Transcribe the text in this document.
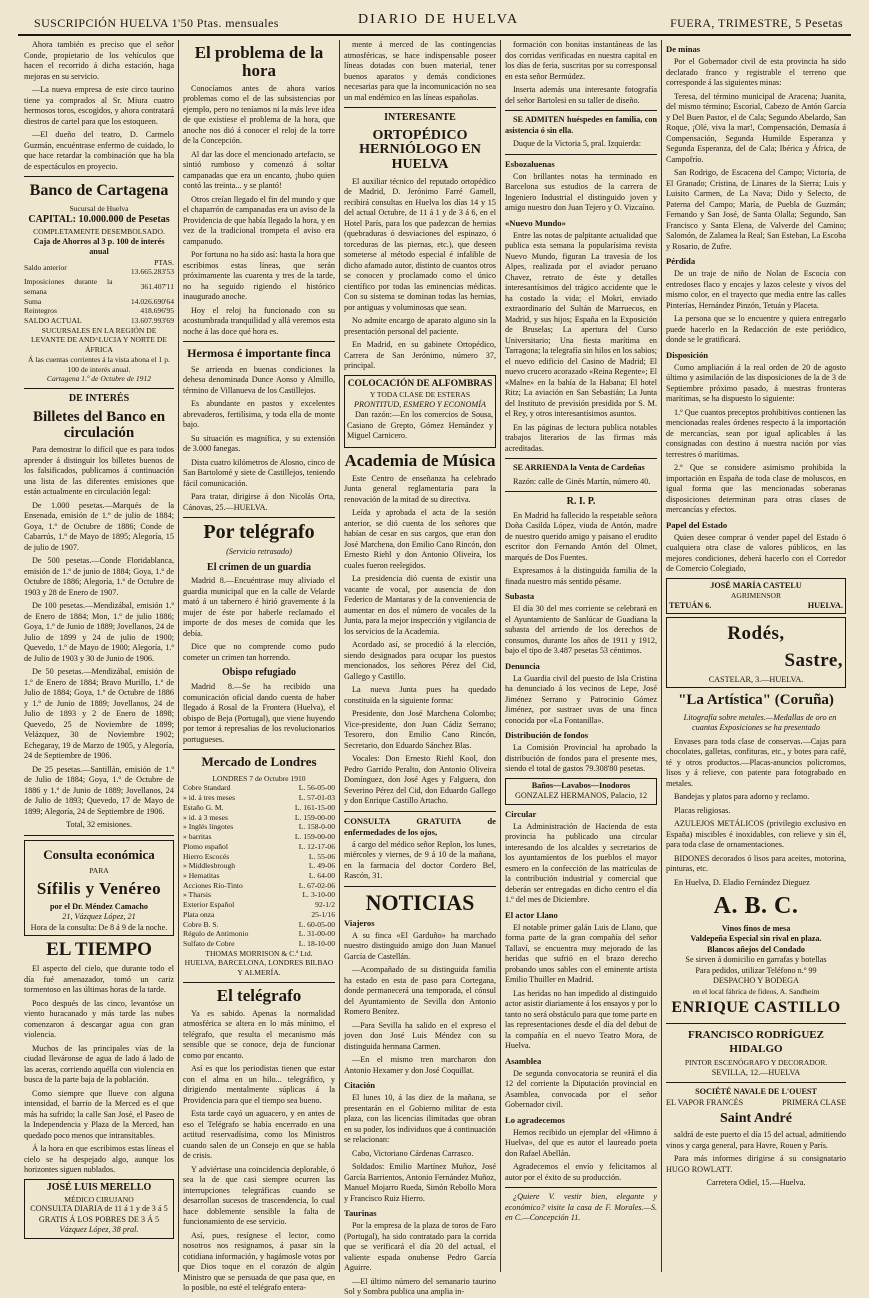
SUSCRIPCIÓN HUELVA 1'50 Ptas. mensuales	DIARIO DE HUELVA	FUERA, TRIMESTRE, 5 Pesetas

Ahora también es preciso que el señor Conde, propietario de los vehículos que hacen el recorrido á dicha estación, haga mejoras en su servicio.

—La nueva empresa de este circo taurino tiene ya comprados al Sr. Miura cuatro hermosos toros, escogidos, y ahora contratará diestros de cartel para que los estoqueen.

—El dueño del teatro, D. Carmelo Guzmán, encuéntrase enfermo de cuidado, lo que hace retardar la combinación que ha bla de espectáculos en proyecto.

Banco de Cartagena
Sucursal de Huelva
CAPITAL: 10.000.000 de Pesetas
COMPLETAMENTE DESEMBOLSADO.
Caja de Ahorros al 3 p. 100 de interés anual
Saldo anterior	PTAS. 13.665.283'53
Imposiciones durante la semana	361.407'11
Suma	14.026.690'64
Reintegros	418.696'95
SALDO ACTUAL	13.607.993'69
SUCURSALES EN LA REGIÓN DE LEVANTE DE AND^LUCIA Y NORTE DE ÁFRICA
Á las cuentas corrientes á la vista abona el 1 p. 100 de interés anual.
Cartagena 1.º de Octubre de 1912
DE INTERÉS
Billetes del Banco en circulación

Para demostrar lo difícil que es para todos aprender á distinguir los billetes buenos de los falsificados, publicamos á continuación una lista de las diferentes emisiones que están actualmente en circulación legal:

De 1.000 pesetas.—Marqués de la Ensenada, emisión de 1.º de julio de 1884; Goya, 1.º de Octubre de 1886; Conde de Cabarrús, 1.º de Mayo de 1895; Alegoría, 15 de julio de 1907.

De 500 pesetas.—Conde Floridablanca, emisión de 1.º de junio de 1884; Goya, 1.º de Octubre de 1886; Alegoría, 1.º de Octubre de 1903 y 28 de Enero de 1907.

De 100 pesetas.—Mendizábal, emisión 1.º de Enero de 1884; Mon, 1.º de julio 1886; Goya, 1.º de Junio de 1889; Jovellanos, 24 de Julio de 1899 y 24 de julio de 1900; Quevedo, 1.º de Mayo de 1900; Alegoría, 1.º de Julio de 1903 y 30 de Junio de 1906.

De 50 pesetas.—Mendizábal, emisión de 1.º de Enero de 1884; Bravo Murillo, 1.º de Julio de 1884; Goya, 1.º de Octubre de 1886 y 1.º de Junio de 1889; Jovellanos, 24 de Julio de 1893 y 2 de Enero de 1898; Quevedo, 25 de Noviembre de 1899; Velázquez, 30 de Noviembre 1902; Echegaray, 19 de Marzo de 1905, y Alegoría, 24 de Septiembre de 1906.

De 25 pesetas.—Santillán, emisión de 1.º de Julio de 1884; Goya, 1.º de Octubre de 1886 y 1.º de Junio de 1889; Jovellanos, 24 de Julio de 1893; Quevedo, 17 de Mayo de 1899; Alegoría, 24 de Septiembre de 1906.

Total, 32 emisiones.

Consulta económica
PARA
Sífilis y Venéreo
por el Dr. Méndez Camacho
21, Vázquez López, 21
Hora de la consulta: De 8 á 9 de la noche.
EL TIEMPO

El aspecto del cielo, que durante todo el día fué amenazador, tomó un cariz tormentoso en las últimas horas de la tarde.

Poco después de las cinco, levantóse un viento huracanado y más tarde las nubes comenzaron á descargar agua con gran violencia.

Muchos de las principales vías de la ciudad lleváronse de agua de lado á lado de las aceras, corriendo aquélla con violencia en busca de la parte baja de la población.

Como siempre que llueve con alguna intensidad, el barrio de la Merced es el que más ha sufrido; la calle San José, el Paseo de la Independencia y Plaza de la Merced, han quedado poco menos que intransitables.

Á la hora en que escribimos estas líneas el cielo se ha despejado algo, aunque los horizontes siguen nublados.

JOSÉ LUIS MERELLO
MÉDICO CIRUJANO
CONSULTA DIARIA de 11 á 1 y de 3 á 5
GRATIS Á LOS POBRES DE 3 Á 5
Vázquez López, 38 pral.
El problema de la hora

Conocíamos antes de ahora varios problemas como el de las subsistencias por ejemplo, pero no teníamos ni la más leve idea de que existiese el problema de la hora, que anoche nos dió á conocer el reloj de la torre de la Concepción.

Al dar las doce el mencionado artefacto, se sintió rumboso y comenzó á soltar campanadas que era un encanto, ¡hubo quien contó las treinta... y se plantó!

Otros creían llegado el fin del mundo y que el chaparrón de campanadas era un aviso de la Providencia de que había llegado la hora, y en vez de la tradicional trompeta el aviso era campanudo.

Por fortuna no ha sido así: hasta la hora que escribimos estas líneas, que serán próximamente las cuarenta y tres de la tarde, no ha seguido rigiendo el histórico inaugurado anoche.

Hoy el reloj ha funcionado con su acostumbrada tranquilidad y allá veremos esta noche á las doce qué hora es.

Hermosa é importante finca

Se arrienda en buenas condiciones la dehesa denominada Dunce Aonso y Almillo, término de Villanueva de los Castillejos.

Es abundante en pastos y excelentes abrevaderos, fertilísima, y toda ella de monte bajo.

Su situación es magnífica, y su extensión de 3.000 fanegas.

Dista cuatro kilómetros de Alosno, cinco de San Bartolomé y siete de Castillejos, teniendo fácil comunicación.

Para tratar, dirigirse á don Nicolás Orta, Cánovas, 25.—HUELVA.

Por telégrafo
(Servicio retrasado)
El crimen de un guardia

Madrid 8.—Encuéntrase muy aliviado el guardia municipal que en la calle de Velarde mató á un tabernero é hirió gravemente á la mujer de éste por haberle reclamado el importe de dos meses de comida que les debía.

Dice que no comprende como pudo cometer un crimen tan horrendo.

Obispo refugiado

Madrid 8.—Se ha recibido una comunicación oficial dando cuenta de haber llegado á Rosal de la Frontera (Huelva), el obispo de Beja (Portugal), que viene huyendo por temor á represalias de los revolucionarios portugueses.

Mercado de Londres
LONDRES 7 de Octubre 1910
Cobre Standard	L. 56-05-00
» id. á tres meses	L. 57-01-03
Estaño G. M.	L. 161-15-00
» id. á 3 meses	L. 159-00-00
» Inglés lingotes	L. 158-0-00
» barritas	L. 159-00-00
Plomo español	L. 12-17-06
Hierro Escocés	L. 55-06
» Middlesbrough	L. 49-06
» Hematitas	L. 64-00
Acciones Río-Tinto	L. 67-02-06
» Tharsis	L. 3-10-00
Exterior Español	92-1/2
Plata onza	25-1/16
Cobre B. S.	L. 60-05-00
Régulo de Antimonio	L. 31-00-00
Sulfato de Cobre	L. 18-10-00
THOMAS MORRISON & C.ª Ltd.
HUELVA, BARCELONA, LONDRES BILBAO Y ALMERÍA.
El telégrafo

Ya es sabido. Apenas la normalidad atmosférica se altera en lo más mínimo, el telégrafo, que resulta el mecanismo más sensible que se conoce, deja de funcionar como por encanto.

Así es que los periodistas tienen que estar con el alma en un hilo... telegráfico, y dirigiendo mentalmente súplicas á la Providencia para que el tiempo sea bueno.

Esta tarde cayó un aguacero, y en antes de eso el Telégrafo se había encerrado en una actitud reservadísima, como los Ministros cuando salen de un Consejo en que se habla de crisis.

Y adviértase una coincidencia deplorable, ó sea la de que casi siempre ocurren las interrupciones telegráficas cuando se desarrollan sucesos de trascendencia, lo cual hace doblemente sensible la falta de funcionamiento de ese servicio.

Así, pues, resígnese el lector, como nosotros nos resignamos, á pasar sin la cotidiana información, y hagámosle votos por que Dios toque en el corazón de algún Ministro que se persuada de que pasa que, en lo posible, no esté el telégrafo entera-

mente á merced de las contingencias atmosféricas, se hace indispensable poseer líneas dotadas con buen material, tener buenos aparatos y demás condiciones necesarias para que la incomunicación no sea un mal endémico en las líneas españolas.

INTERESANTE
ORTOPÉDICO HERNIÓLOGO EN HUELVA

El auxiliar técnico del reputado ortopédico de Madrid, D. Jerónimo Farré Gamell, recibirá consultas en Huelva los días 14 y 15 del actual Octubre, de 11 á 1 y de 3 á 6, en el Hotel París, para los que padezcan de hernias (quebraduras ó desviaciones del espinazo, ó torceduras de las piernas, etc.), que deseen someterse al método especial é infalible de dicho afamado autor, distinto de cuantos otros se conocen y proclamado como el único científico por todas las eminencias médicas. Con su sistema se dominan todas las hernias, por antiguas y voluminosas que sean.

No admite encargo de aparato alguno sin la presentación personal del paciente.

En Madrid, en su gabinete Ortopédico, Carrera de San Jerónimo, número 37, principal.

COLOCACIÓN DE ALFOMBRAS
Y TODA CLASE DE ESTERAS
PRONTITUD, ESMERO Y ECONOMÍA

Dan razón:—En los comercios de Sousa, Casiano de Grepto, Gómez Hernández y Miguel Carnicero.

Academia de Música

Este Centro de enseñanza ha celebrado Junta general reglamentaria para la renovación de la mitad de su directiva.

Leída y aprobada el acta de la sesión anterior, se dió cuenta de los señores que habían de cesar en sus cargos, que eran don José Marchena, don Emilio Cano Rincón, don Ernesto Riehl y don Antonio Oliveira, los cuales fueron reelegidos.

La presidencia dió cuenta de existir una vacante de vocal, por ausencia de don Federico de Mantaras y de la conveniencia de aumentar en dos el número de vocales de la Junta, para la mejor inspección y vigilancia de los servicios de la Academia.

Acordado así, se procedió á la elección, siendo designados para ocupar los puestos mencionados, los señores Pérez del Cid, Gallego y Castillo.

La nueva Junta pues ha quedado constituida en la siguiente forma:

Presidente, don José Marchena Colombo; Vice-presidente, don Juan Cádiz Serrano; Tesorero, don Emilio Cano Rincón, Secretario, don Eduardo Sánchez Blas.

Vocales: Don Ernesto Riehl Kool, don Pedro Garrido Peralto, don Antonio Oliveira Domínguez, don José Ages y Falguera, don Severino Pérez del Cid, don Eduardo Gallego y don Enrique Castillo Artacho.

CONSULTA GRATUITA de enfermedades de los ojos,

á cargo del médico señor Replon, los lunes, miércoles y viernes, de 9 á 10 de la mañana, en la farmacia del doctor Cordero Bel, Rascón, 31.

NOTICIAS
Viajeros

A su finca «El Garduño» ha marchado nuestro distinguido amigo don Juan Manuel García de Castellán.

—Acompañado de su distinguida familia ha estado en esta de paso para Cortegana, donde permanecerá una temporada, el cónsul del Ayuntamiento de Sevilla don Antonio Romero Benítez.

—Para Sevilla ha salido en el expreso el joven don José Luis Méndez con su distinguida hermana Carmen.

—En el mismo tren marcharon don Antonio Hexamer y don José Coquillat.

Citación

El lunes 10, á las diez de la mañana, se presentarán en el Gobierno militar de esta plaza, con las licencias ilimitadas que obran en su poder, los individuos que á continuación se relacionan:

Cabo, Victoriano Cárdenas Carrasco.

Soldados: Emilio Martínez Muñoz, José García Barrientos, Antonio Fernández Muñoz, Manuel Mojarro Rueda, Simón Rebollo Mora y Francisco Ruiz Hierro.

Taurinas

Por la empresa de la plaza de toros de Faro (Portugal), ha sido contratado para la corrida que se verificará el día 20 del actual, el valiente espada onubense Pedro García Aguirre.

—El último número del semanario taurino Sol y Sombra publica una amplia in-

formación con bonitas instantáneas de las dos corridas verificadas en nuestra capital en los días de feria, suscritas por su corresponsal en esta señor Bermúdez.

Inserta además una interesante fotografía del señor Bartolesi en su taller de diseño.

SE ADMITEN huéspedes en familia, con asistencia ó sin ella.

Duque de la Victoria 5, pral. Izquierda:

Esbozaluenas

Con brillantes notas ha terminado en Barcelona sus estudios de la carrera de Ingeniero Industrial el distinguido joven y amigo nuestro don Juan Tejero y O. Vizcaíno.

«Nuevo Mundo»

Entre las notas de palpitante actualidad que publica esta semana la popularísima revista Nuevo Mundo, figuran La travesía de los Alpes, realizada por el aviador peruano Chavez, retrato de éste y detalles interesantísimos del trágico accidente que le ha costado la vida; el Mokri, enviado extraordinario del Sultán de Marruecos, en Madrid, y sus hijos; España en la Exposición de Bruselas; La apertura del Curso Universitario; Una fiesta marítima en Tarragona; la telegrafía sin hilos en los sabios; el nuevo edificio del Casino de Madrid; El nuevo crucero acorazado «Reina Regente»; El «Malne» en la bahía de la Habana; El hotel Ritz; La aviación en San Sebastián; La Junta del Instituto de previsión presidida por S. M. el Rey, y otros interesantísimos asuntos.

En las páginas de lectura publica notables trabajos literarios de las firmas más acreditadas.

SE ARRIENDA la Venta de Cardeñas

Razón: calle de Ginés Martín, número 40.

R. I. P.

En Madrid ha fallecido la respetable señora Doña Casilda López, viuda de Antón, madre de nuestro querido amigo y paisano el erudito escritor don Fernando Antón del Olmet, marqués de Dos Fuentes.

Expresamos á la distinguida familia de la finada nuestro más sentido pésame.

Subasta

El día 30 del mes corriente se celebrará en el Ayuntamiento de Sanlúcar de Guadiana la subasta del arriendo de los derechos de consumos, durante los años de 1911 y 1912, bajo el tipo de 3.487 pesetas 53 céntimos.

Denuncia

La Guardia civil del puesto de Isla Cristina ha denunciado á los vecinos de Lepe, José Jiménez Serrano y Patrocinio Gómez Jiménez, por sustraer uvas de una finca conocida por «La Fontanilla».

Distribución de fondos

La Comisión Provincial ha aprobado la distribución de fondos para el presente mes, siendo el total de gastos 79.308'80 pesetas.

Baños—Lavabos—Inodoros
GONZALEZ HERMANOS, Palacio, 12
Circular

La Administración de Hacienda de esta provincia ha publicado una circular interesando de los alcaldes y secretarios de los ayuntamientos de los pueblos el mayor esmero en la confección de las matrículas de la contribución industrial y comercial que deberán ser entregadas en dicho centro el día 1.º del mes de Diciembre.

El actor Llano

El notable primer galán Luis de Llano, que forma parte de la gran compañía del señor Tallaví, se encuentra muy mejorado de las heridas que sufrió en el brazo derecho probando unos sables con el eminente artista Emilio Thuiller en Madrid.

Las heridas no han impedido al distinguido actor asistir diariamente á los ensayos y por lo tanto no será obstáculo para que tome parte en las representaciones desde el día del debut de la compañía en el nuevo Teatro Mora, de Huelva.

Asamblea

De segunda convocatoria se reunirá el día 12 del corriente la Diputación provincial en Asamblea, convocada por el señor Gobernador civil.

Lo agradecemos

Hemos recibido un ejemplar del «Himno á Huelva», del que es autor el laureado poeta don Rafael Abellán.

Agradecemos el envío y felicitamos al autor por el éxito de su producción.

¿Quiere V. vestir bien, elegante y económico? visite la casa de F. Morales.—S. en C.—Concepción 11.

De minas

Por el Gobernador civil de esta provincia ha sido declarado franco y registrable el terreno que corresponde á las siguientes minas:

Teresa, del término municipal de Aracena; Juanita, del mismo término; Escorial, Cabezo de Antón García y Del Buen Pastor, el de Cala; Segundo Abelardo, San Roque, ¡Olé, viva la mar!, Compensación, Demasía á Compensación, Segunda Humilde Esperanza y Segunda Esperanza, del de Cala; Ibérica y África, de Campofrío.

San Rodrigo, de Escacena del Campo; Victoria, de El Granado; Cristina, de Linares de la Sierra; Luis y Luisito Carmen, de La Nava; Dido y Selecto, de Paterna del Campo; María, de Puebla de Guzmán; Fernando y San José, de Santa Olalla; Segundo, San Francisco y Santa Elena, de Valverde del Camino; Salomón, de Zalamea la Real; San Esteban, La Escoba y Rosario, de Zufre.

Pérdida

De un traje de niño de Nolan de Escocia con entredoses flaco y encajes y lazos celeste y vivos del mismo color, en el trayecto que media entre las calles Pinterías, Hernández Pinzón, Tetuán y Placeta.

La persona que se lo encuentre y quiera entregarlo puede hacerlo en la Redacción de este periódico, donde se le gratificará.

Disposición

Como ampliación á la real orden de 20 de agosto último y asimilación de las disposiciones de la de 3 de Septiembre próximo pasado, á nuestras fronteras marítimas, se ha dispuesto lo siguiente:

1.º Que cuantos preceptos prohibitivos contienen las mencionadas reales órdenes respecto á la importación de mercancías, sean por igual aplicables á las consignadas con destino á nuestra nación por vías terrestres ó marítimas.

2.º Que se considere asimismo prohibida la importación en España de toda clase de moluscos, en igual forma que las mencionadas soberanas disposiciones determinan para otras clases de mercancías y efectos.

Papel del Estado

Quien desee comprar ó vender papel del Estado ó cualquiera otra clase de valores públicos, en las mejores condiciones, deberá hacerlo con el Corredor de Comercio Colegiado,

JOSÉ MARÍA CASTELU
AGRIMENSOR
TETUÁN 6.	HUELVA.
Rodés,
Sastre,
CASTELAR, 3.—HUELVA.
"La Artística" (Coruña)

Litografía sobre metales.—Medallas de oro en cuantas Exposiciones se ha presentado

Envases para toda clase de conservas.—Cajas para chocolates, galletas, confituras, etc., y botes para café, té y otros productos.—Placas-anuncios policromos, lisos y á relieve, con patente para fotograbado en metales.

Bandejas y platos para adorno y reclamo.

Placas religiosas.

AZULEJOS METÁLICOS (privilegio exclusivo en España) miscibles é inoxidables, con relieve y sin él, para toda clase de ornamentaciones.

BIDONES decorados ó lisos para aceites, motorina, pinturas, etc.

En Huelva, D. Eladio Fernández Dieguez

A. B. C.
Vinos finos de mesa
Valdepeña Especial sin rival en plaza.
Blancos añejos del Condado
Se sirven á domicilio en garrafas y botellas
Para pedidos, utilizar Teléfono n.º 99
DESPACHO Y BODEGA
en el local fábrica de fideos, A. Sandheim
ENRIQUE CASTILLO
FRANCISCO RODRÍGUEZ HIDALGO
PINTOR ESCENÓGRAFO Y DECORADOR.
SEVILLA, 12.—HUELVA
SOCIÉTÉ NAVALE DE L'OUEST
EL VAPOR FRANCÉS	PRIMERA CLASE
Saint André

saldrá de este puerto el día 15 del actual, admitiendo vinos y carga general, para Havre, Rouen y París.

Para más informes dirigirse á su consignatario HUGO ROWLATT.

Carretera Odiel, 15.—Huelva.
